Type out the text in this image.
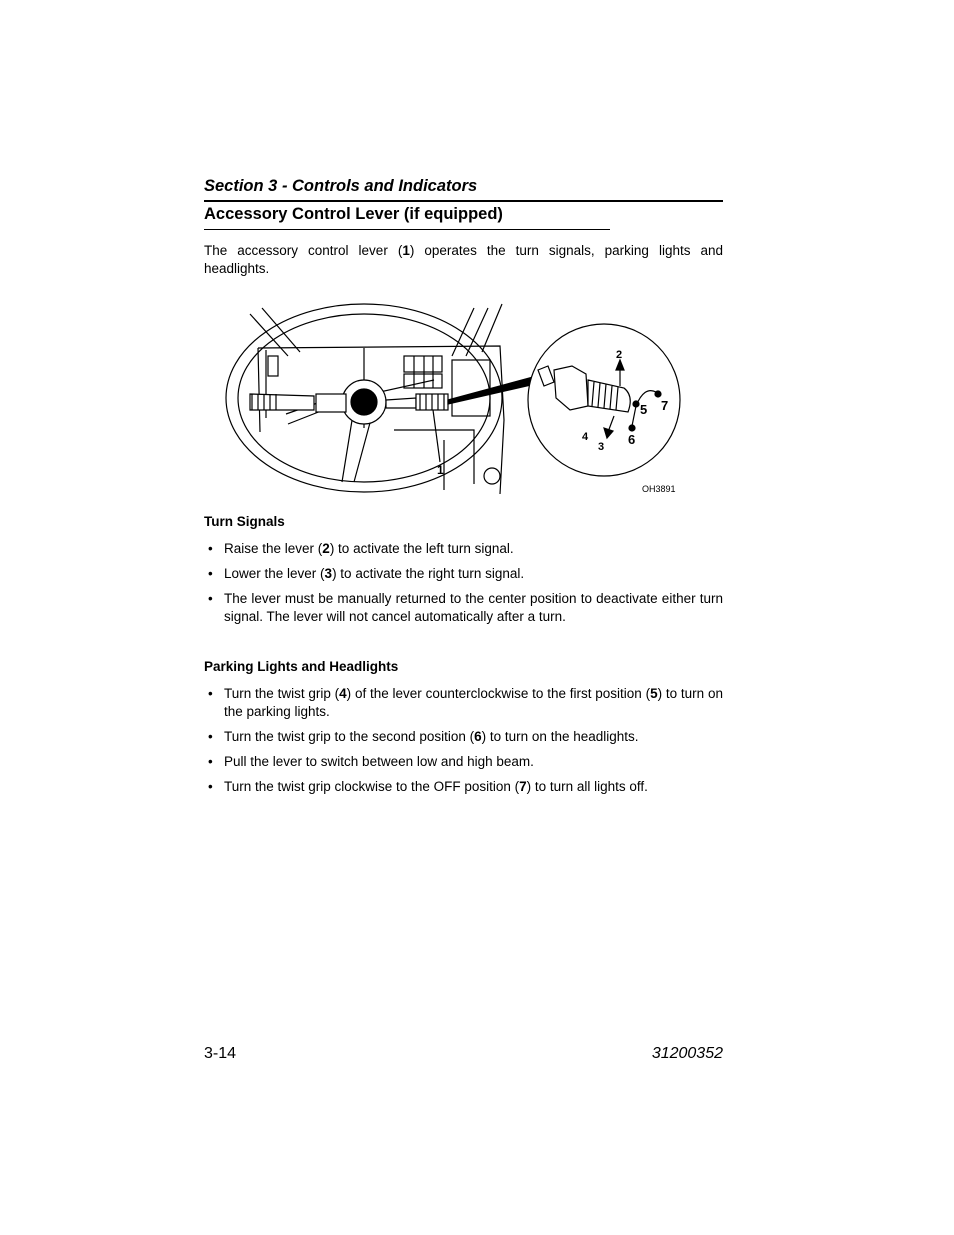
Section 3 - Controls and Indicators
Accessory Control Lever (if equipped)
The accessory control lever (1) operates the turn signals, parking lights and headlights.
1
2
3
4
5
6
7
OH3891
Turn Signals
• Raise the lever (2) to activate the left turn signal.
• Lower the lever (3) to activate the right turn signal.
• The lever must be manually returned to the center position to deactivate either turn signal. The lever will not cancel automatically after a turn.
Parking Lights and Headlights
• Turn the twist grip (4) of the lever counterclockwise to the first position (5) to turn on the parking lights.
• Turn the twist grip to the second position (6) to turn on the headlights.
• Pull the lever to switch between low and high beam.
• Turn the twist grip clockwise to the OFF position (7) to turn all lights off.
3-14	31200352
